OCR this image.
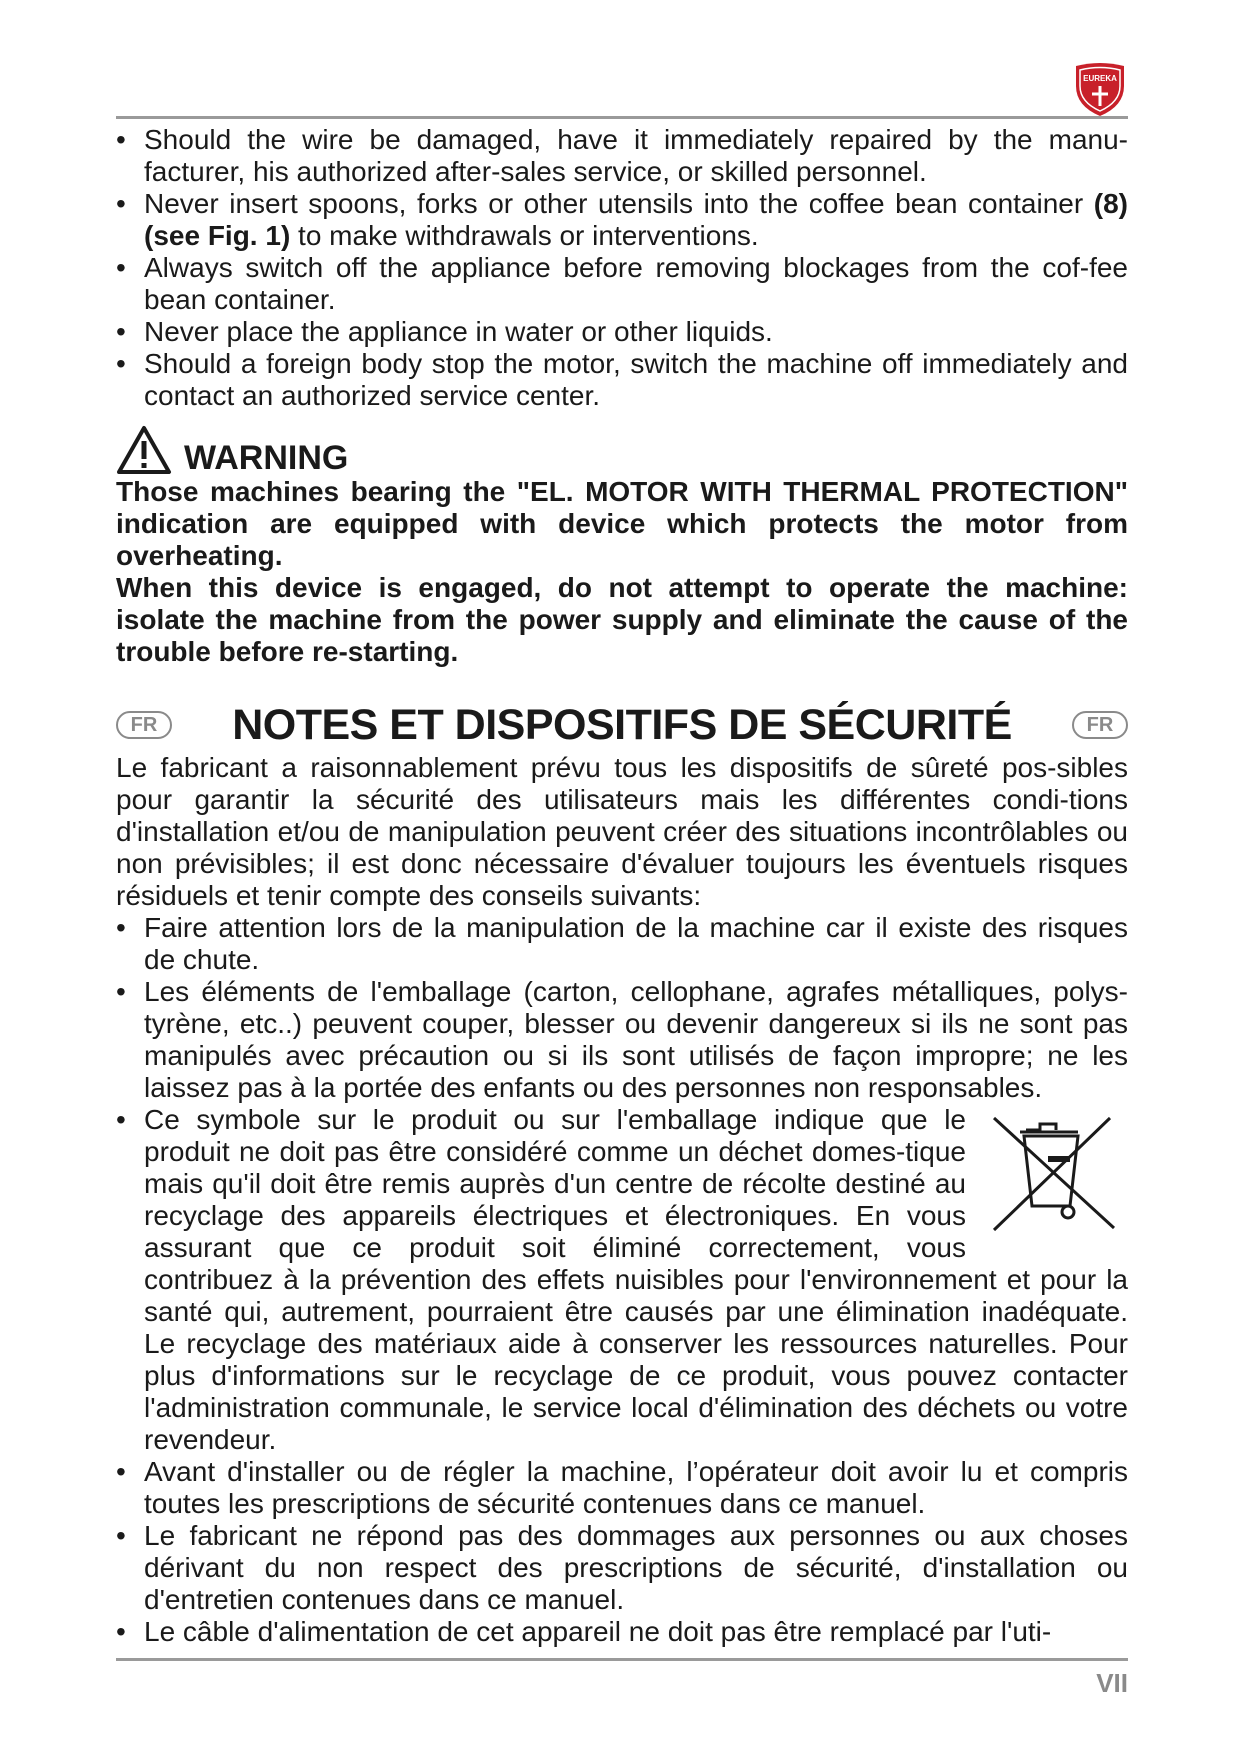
EUREKA
• Should the wire be damaged, have it immediately repaired by the manu-facturer, his authorized after-sales service, or skilled personnel.
• Never insert spoons, forks or other utensils into the coffee bean container (8) (see Fig. 1) to make withdrawals or interventions.
• Always switch off the appliance before removing blockages from the cof-fee bean container.
• Never place the appliance in water or other liquids.
• Should a foreign body stop the motor, switch the machine off immediately and contact an authorized service center.
WARNING

Those machines bearing the "EL. MOTOR WITH THERMAL PROTECTION" indication are equipped with device which protects the motor from overheating.

When this device is engaged, do not attempt to operate the machine: isolate the machine from the power supply and eliminate the cause of the trouble before re-starting.

FR	NOTES ET DISPOSITIFS DE SÉCURITÉ	FR

Le fabricant a raisonnablement prévu tous les dispositifs de sûreté pos-sibles pour garantir la sécurité des utilisateurs mais les différentes condi-tions d'installation et/ou de manipulation peuvent créer des situations incontrôlables ou non prévisibles; il est donc nécessaire d'évaluer toujours les éventuels risques résiduels et tenir compte des conseils suivants:

• Faire attention lors de la manipulation de la machine car il existe des risques de chute.
• Les éléments de l'emballage (carton, cellophane, agrafes métalliques, polys-tyrène, etc..) peuvent couper, blesser ou devenir dangereux si ils ne sont pas manipulés avec précaution ou si ils sont utilisés de façon impropre; ne les laissez pas à la portée des enfants ou des personnes non responsables.
• Ce symbole sur le produit ou sur l'emballage indique que le produit ne doit pas être considéré comme un déchet domes-tique mais qu'il doit être remis auprès d'un centre de récolte destiné au recyclage des appareils électriques et électroniques. En vous assurant que ce produit soit éliminé correctement, vous contribuez à la prévention des effets nuisibles pour l'environnement et pour la santé qui, autrement, pourraient être causés par une élimination inadéquate. Le recyclage des matériaux aide à conserver les ressources naturelles. Pour plus d'informations sur le recyclage de ce produit, vous pouvez contacter l'administration communale, le service local d'élimination des déchets ou votre revendeur.
• Avant d'installer ou de régler la machine, l’opérateur doit avoir lu et compris toutes les prescriptions de sécurité contenues dans ce manuel.
• Le fabricant ne répond pas des dommages aux personnes ou aux choses dérivant du non respect des prescriptions de sécurité, d'installation ou d'entretien contenues dans ce manuel.
• Le câble d'alimentation de cet appareil ne doit pas être remplacé par l'uti-
VII
